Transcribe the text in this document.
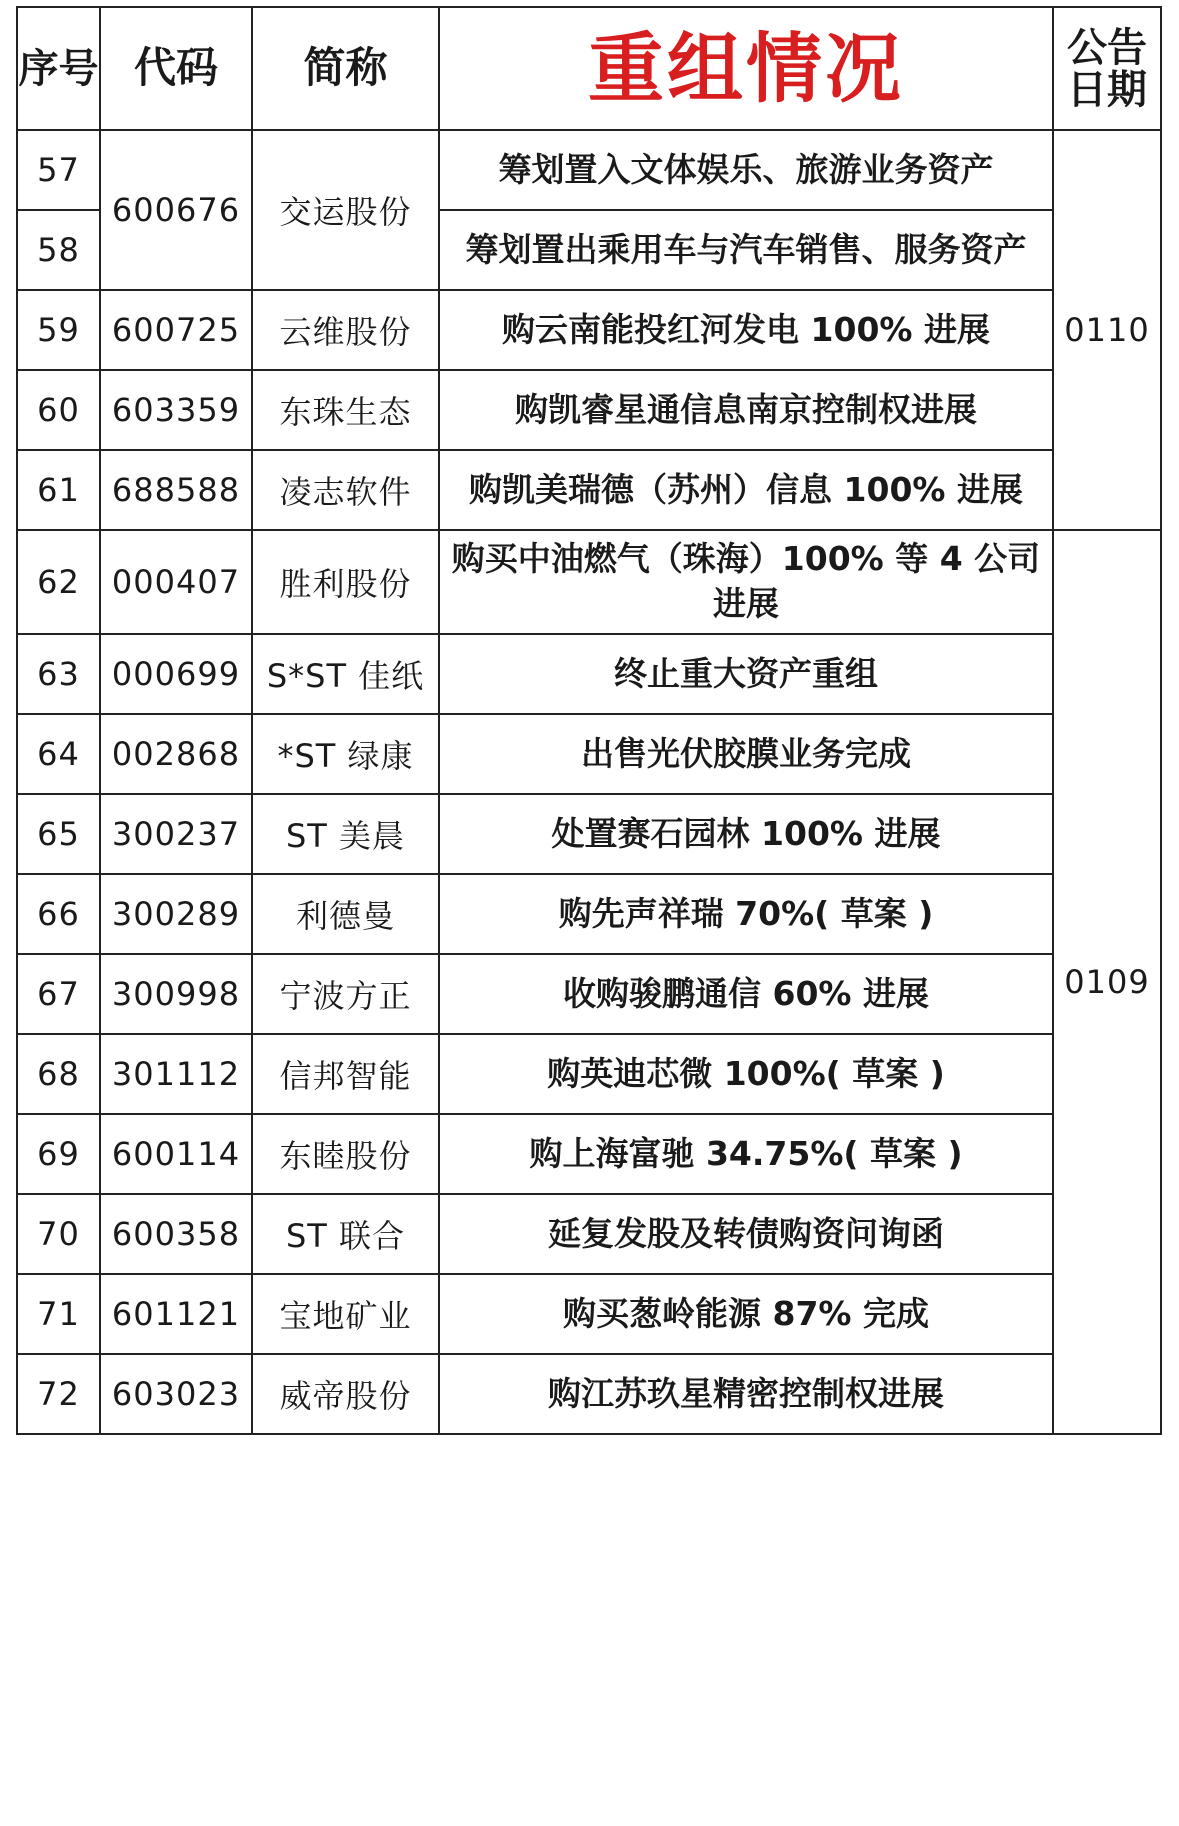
序号	代码	简称	重组情况	公告日期
57	600676	交运股份	筹划置入文体娱乐、旅游业务资产	0110
58			筹划置出乘用车与汽车销售、服务资产	
59	600725	云维股份	购云南能投红河发电 100% 进展	
60	603359	东珠生态	购凯睿星通信息南京控制权进展	
61	688588	凌志软件	购凯美瑞德（苏州）信息 100% 进展	
62	000407	胜利股份	购买中油燃气（珠海）100% 等 4 公司进展	0109
63	000699	S*ST 佳纸	终止重大资产重组	
64	002868	*ST 绿康	出售光伏胶膜业务完成	
65	300237	ST 美晨	处置赛石园林 100% 进展	
66	300289	利德曼	购先声祥瑞 70%( 草案 )	
67	300998	宁波方正	收购骏鹏通信 60% 进展	
68	301112	信邦智能	购英迪芯微 100%( 草案 )	
69	600114	东睦股份	购上海富驰 34.75%( 草案 )	
70	600358	ST 联合	延复发股及转债购资问询函	
71	601121	宝地矿业	购买葱岭能源 87% 完成	
72	603023	威帝股份	购江苏玖星精密控制权进展	
